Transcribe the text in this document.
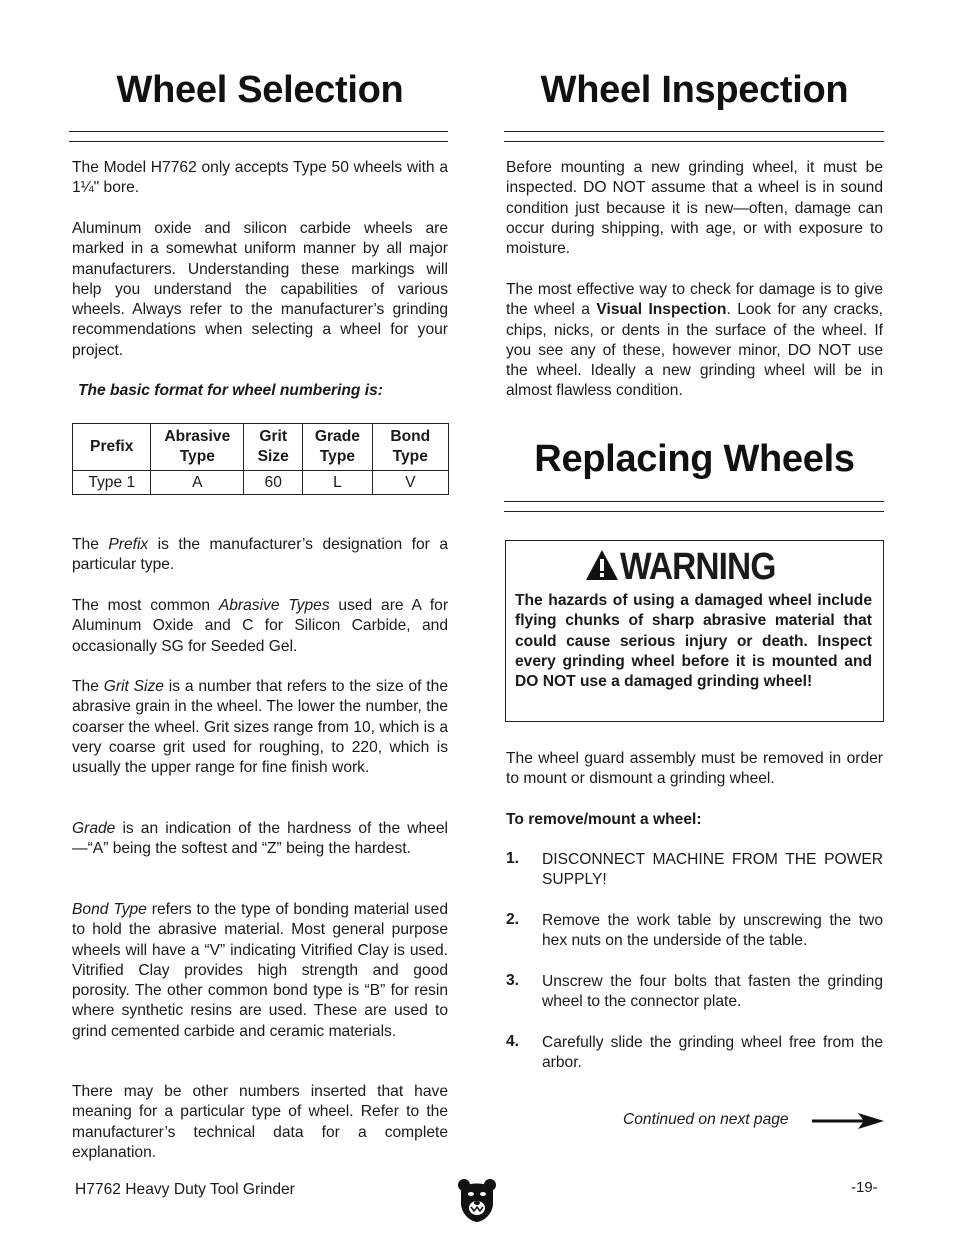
Wheel Selection

The Model H7762 only accepts Type 50 wheels with a 1¼" bore.

Aluminum oxide and silicon carbide wheels are marked in a somewhat uniform manner by all major manufacturers. Understanding these markings will help you understand the capabilities of various wheels. Always refer to the manufacturer’s grinding recommendations when selecting a wheel for your project.

The basic format for wheel numbering is:

Prefix	Abrasive Type	Grit Size	Grade Type	Bond Type
Type 1	A	60	L	V

The Prefix is the manufacturer’s designation for a particular type.

The most common Abrasive Types used are A for Aluminum Oxide and C for Silicon Carbide, and occasionally SG for Seeded Gel.

The Grit Size is a number that refers to the size of the abrasive grain in the wheel. The lower the number, the coarser the wheel. Grit sizes range from 10, which is a very coarse grit used for roughing, to 220, which is usually the upper range for fine finish work.

Grade is an indication of the hardness of the wheel—“A” being the softest and “Z” being the hardest.

Bond Type refers to the type of bonding material used to hold the abrasive material. Most general purpose wheels will have a “V” indicating Vitrified Clay is used. Vitrified Clay provides high strength and good porosity. The other common bond type is “B” for resin where synthetic resins are used. These are used to grind cemented carbide and ceramic materials.

There may be other numbers inserted that have meaning for a particular type of wheel. Refer to the manufacturer’s technical data for a complete explanation.

Wheel Inspection

Before mounting a new grinding wheel, it must be inspected. DO NOT assume that a wheel is in sound condition just because it is new—often, damage can occur during shipping, with age, or with exposure to moisture.

The most effective way to check for damage is to give the wheel a Visual Inspection. Look for any cracks, chips, nicks, or dents in the surface of the wheel. If you see any of these, however minor, DO NOT use the wheel. Ideally a new grinding wheel will be in almost flawless condition.

Replacing Wheels
WARNING

The hazards of using a damaged wheel include flying chunks of sharp abrasive material that could cause serious injury or death. Inspect every grinding wheel before it is mounted and DO NOT use a damaged grinding wheel!

The wheel guard assembly must be removed in order to mount or dismount a grinding wheel.

To remove/mount a wheel:

1. DISCONNECT MACHINE FROM THE POWER SUPPLY!
2. Remove the work table by unscrewing the two hex nuts on the underside of the table.
3. Unscrew the four bolts that fasten the grinding wheel to the connector plate.
4. Carefully slide the grinding wheel free from the arbor.
Continued on next page
H7762 Heavy Duty Tool Grinder	-19-
